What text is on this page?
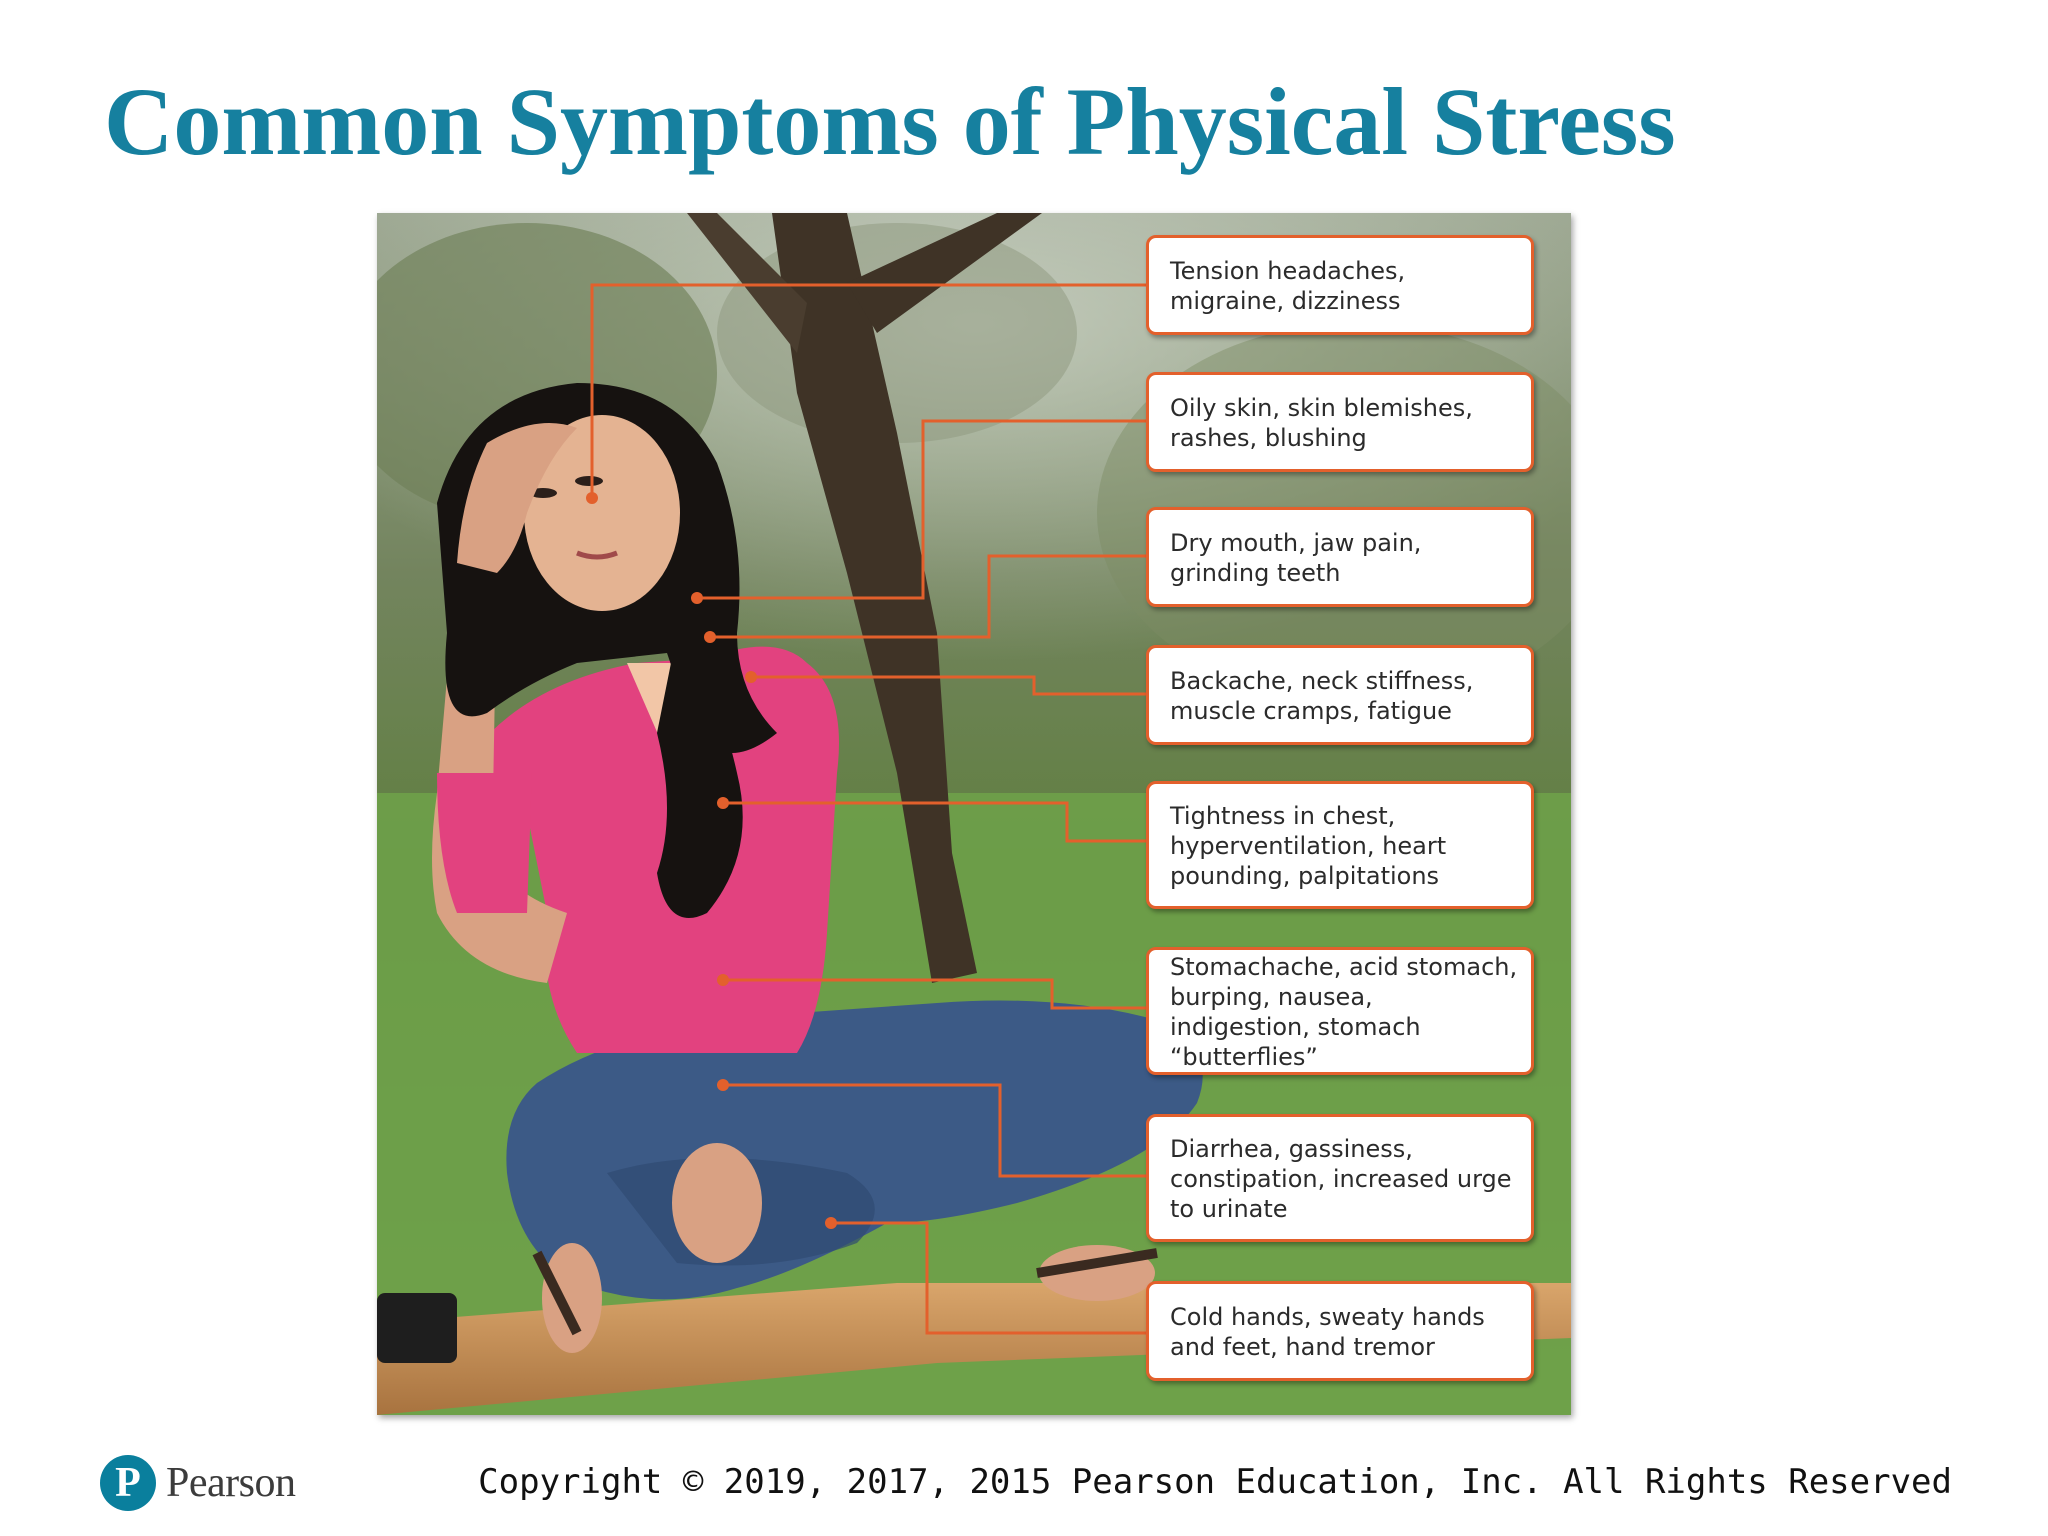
Common Symptoms of Physical Stress
Tension headaches, migraine, dizziness
Oily skin, skin blemishes, rashes, blushing
Dry mouth, jaw pain, grinding teeth
Backache, neck stiffness, muscle cramps, fatigue
Tightness in chest, hyperventilation, heart pounding, palpitations
Stomachache, acid stomach, burping, nausea, indigestion, stomach “butterflies”
Diarrhea, gassiness, constipation, increased urge to urinate
Cold hands, sweaty hands and feet, hand tremor
P Pearson	Copyright © 2019, 2017, 2015 Pearson Education, Inc. All Rights Reserved
